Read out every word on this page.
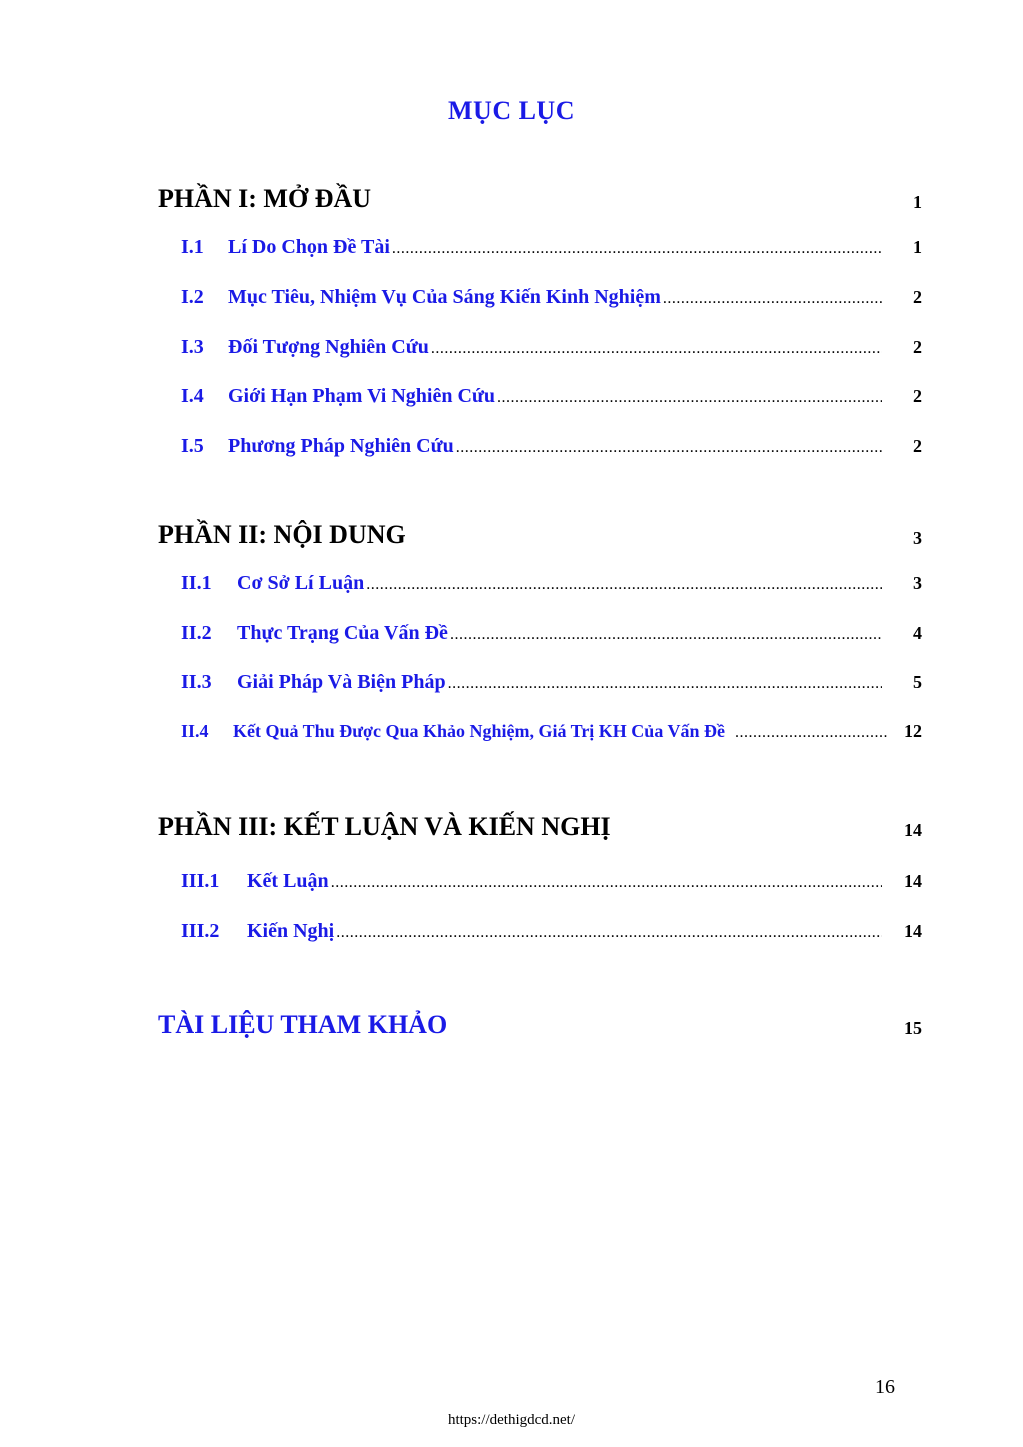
MỤC LỤC
PHẦN I: MỞ ĐẦU	1
I.1	Lí Do Chọn Đề Tài .....	1
I.2	Mục Tiêu, Nhiệm Vụ Của Sáng Kiến Kinh Nghiệm .....	2
I.3	Đối Tượng Nghiên Cứu .....	2
I.4	Giới Hạn Phạm Vi Nghiên Cứu .....	2
I.5	Phương Pháp Nghiên Cứu .....	2
PHẦN II: NỘI DUNG	3
II.1	Cơ Sở Lí Luận .....	3
II.2	Thực Trạng Của Vấn Đề .....	4
II.3	Giải Pháp Và Biện Pháp .....	5
II.4	Kết Quả Thu Được Qua Khảo Nghiệm, Giá Trị KH Của Vấn Đề .....	12
PHẦN III: KẾT LUẬN VÀ KIẾN NGHỊ	14
III.1	Kết Luận .....	14
III.2	Kiến Nghị .....	14
TÀI LIỆU THAM KHẢO	15
16
https://dethigdcd.net/
